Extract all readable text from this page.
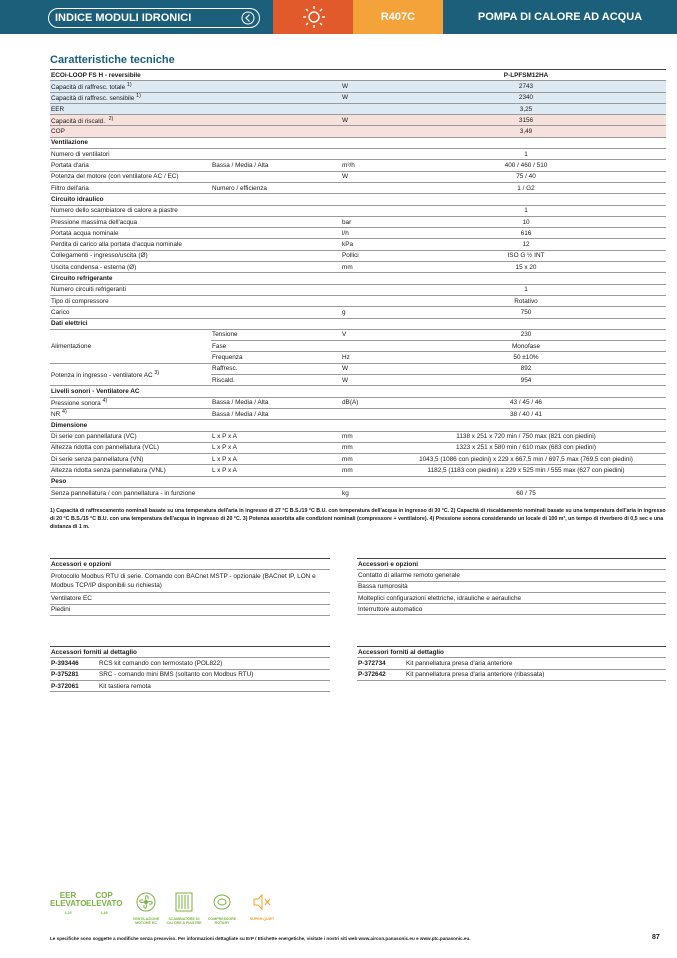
INDICE MODULI IDRONICI	R407C	POMPA DI CALORE AD ACQUA
Caratteristiche tecniche
ECOi-LOOP FS H - reversibile			P-LPFSM12HA
Capacità di raffresc. totale $^{1)}$		W	2743
Capacità di raffresc. sensibile $^{1)}$		W	2340
EER			3,25
Capacità di riscald. $^{2)}$		W	3156
COP			3,49
Ventilazione			
Numero di ventilatori			1
Portata d'aria	Bassa / Media / Alta	m³/h	400 / 460 / 510
Potenza del motore (con ventilatore AC / EC)		W	75 / 40
Filtro dell'aria	Numero / efficienza		1 / G2
Circuito idraulico			
Numero dello scambiatore di calore a piastre			1
Pressione massima dell'acqua		bar	10
Portata acqua nominale		l/h	616
Perdita di carico alla portata d'acqua nominale		kPa	12
Collegamenti - ingresso/uscita (Ø)		Pollici	ISO G ½ INT
Uscita condensa - esterna (Ø)		mm	15 x 20
Circuito refrigerante			
Numero circuiti refrigeranti			1
Tipo di compressore			Rotativo
Carico		g	750
Dati elettrici			
Alimentazione	Tensione	V	230
	Fase		Monofase
	Frequenza	Hz	50 ±10%
Potenza in ingresso - ventilatore AC $^{3)}$	Raffresc.	W	892
	Riscald.	W	954
Livelli sonori - Ventilatore AC			
Pressione sonora $^{4)}$	Bassa / Media / Alta	dB(A)	43 / 45 / 46
NR $^{4)}$	Bassa / Media / Alta		38 / 40 / 41
Dimensione			
Di serie con pannellatura (VC)	L x P x A	mm	1138 x 251 x 720 min / 750 max (821 con piedini)
Altezza ridotta con pannellatura (VCL)	L x P x A	mm	1323 x 251 x 580 min / 610 max (683 con piedini)
Di serie senza pannellatura (VN)	L x P x A	mm	1043,5 (1086 con piedini) x 229 x 667,5 min / 697,5 max (769,5 con piedini)
Altezza ridotta senza pannellatura (VNL)	L x P x A	mm	1182,5 (1183 con piedini) x 229 x 525 min / 555 max (627 con piedini)
Peso			
Senza pannellatura / con pannellatura - in funzione		kg	60 / 75
1) Capacità di raffrescamento nominali basate su una temperatura dell'aria in ingresso di 27 °C B.S./19 °C B.U. con temperatura dell'acqua in ingresso di 30 °C. 2) Capacità di riscaldamento nominali basate su una temperatura dell'aria in ingresso di 20 °C B.S./15 °C B.U. con una temperatura dell'acqua in ingresso di 20 °C. 3) Potenza assorbita alle condizioni nominali (compressore + ventilatore). 4) Pressione sonora considerando un locale di 100 m³, un tempo di riverbero di 0,5 sec e una distanza di 1 m.
Accessori e opzioni
Protocollo Modbus RTU di serie. Comando con BACnet MSTP - opzionale (BACnet IP, LON e Modbus TCP/IP disponibili su richiesta)
Ventilatore EC
Piedini
Accessori e opzioni
Contatto di allarme remoto generale
Bassa rumorosità
Molteplici configurazioni elettriche, idrauliche e aerauliche
Interruttore automatico
Accessori forniti al dettaglio	
P-393446	RCS kit comando con termostato (POL822)
P-375281	SRC - comando mini BMS (soltanto con Modbus RTU)
P-372061	Kit tastiera remota
Accessori forniti al dettaglio	
P-372734	Kit pannellatura presa d'aria anteriore
P-372642	Kit pannellatura presa d'aria anteriore (ribassata)
EER
ELEVATO
3,25
COP
ELEVATO
3,49
VENTILAZIONE MOTORE EC
SCAMBIATORE DI CALORE A PIASTRE
COMPRESSORE ROTARY
SUPER QUIET
Le specifiche sono soggette a modifiche senza preavviso. Per informazioni dettagliate su ErP / Etichette energetiche, visitate i nostri siti web www.aircon.panasonic.eu e www.ptc.panasonic.eu.	87
